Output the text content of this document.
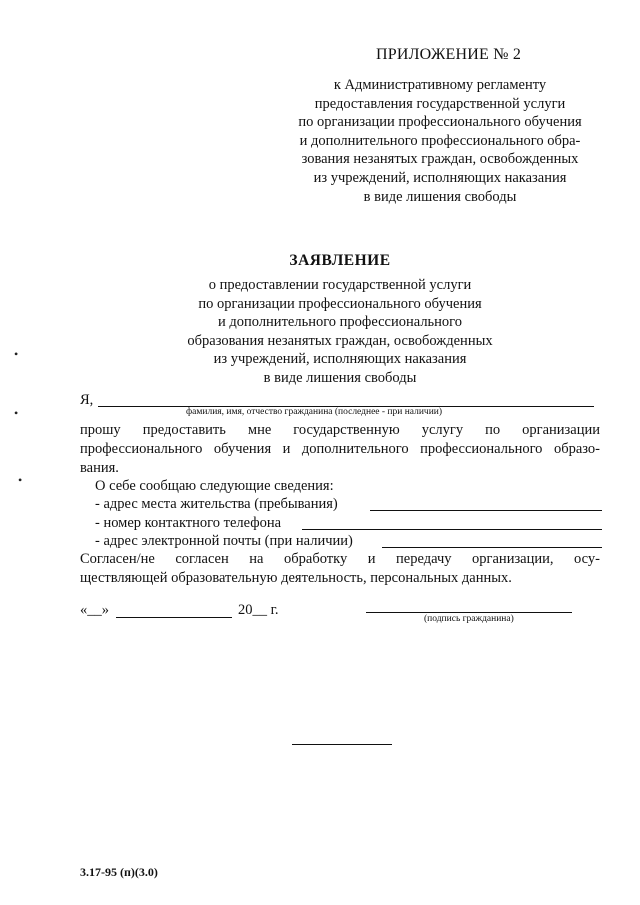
ПРИЛОЖЕНИЕ № 2
к Административному регламенту
предоставления государственной услуги
по организации профессионального обучения
и дополнительного профессионального обра-
зования незанятых граждан, освобожденных
из учреждений, исполняющих наказания
в виде лишения свободы
ЗАЯВЛЕНИЕ
о предоставлении государственной услуги
по организации профессионального обучения
и дополнительного профессионального
образования незанятых граждан, освобожденных
из учреждений, исполняющих наказания
в виде лишения свободы
•
•
•
Я,
фамилия, имя, отчество гражданина (последнее - при наличии)
прошу предоставить мне государственную услугу по организации
профессионального обучения и дополнительного профессионального образо-
вания.
О себе сообщаю следующие сведения:
- адрес места жительства (пребывания)
- номер контактного телефона
- адрес электронной почты (при наличии)
Согласен/не согласен на обработку и передачу организации, осу-
ществляющей образовательную деятельность, персональных данных.
«__»	20__ г.
(подпись гражданина)
3.17-95 (п)(3.0)
